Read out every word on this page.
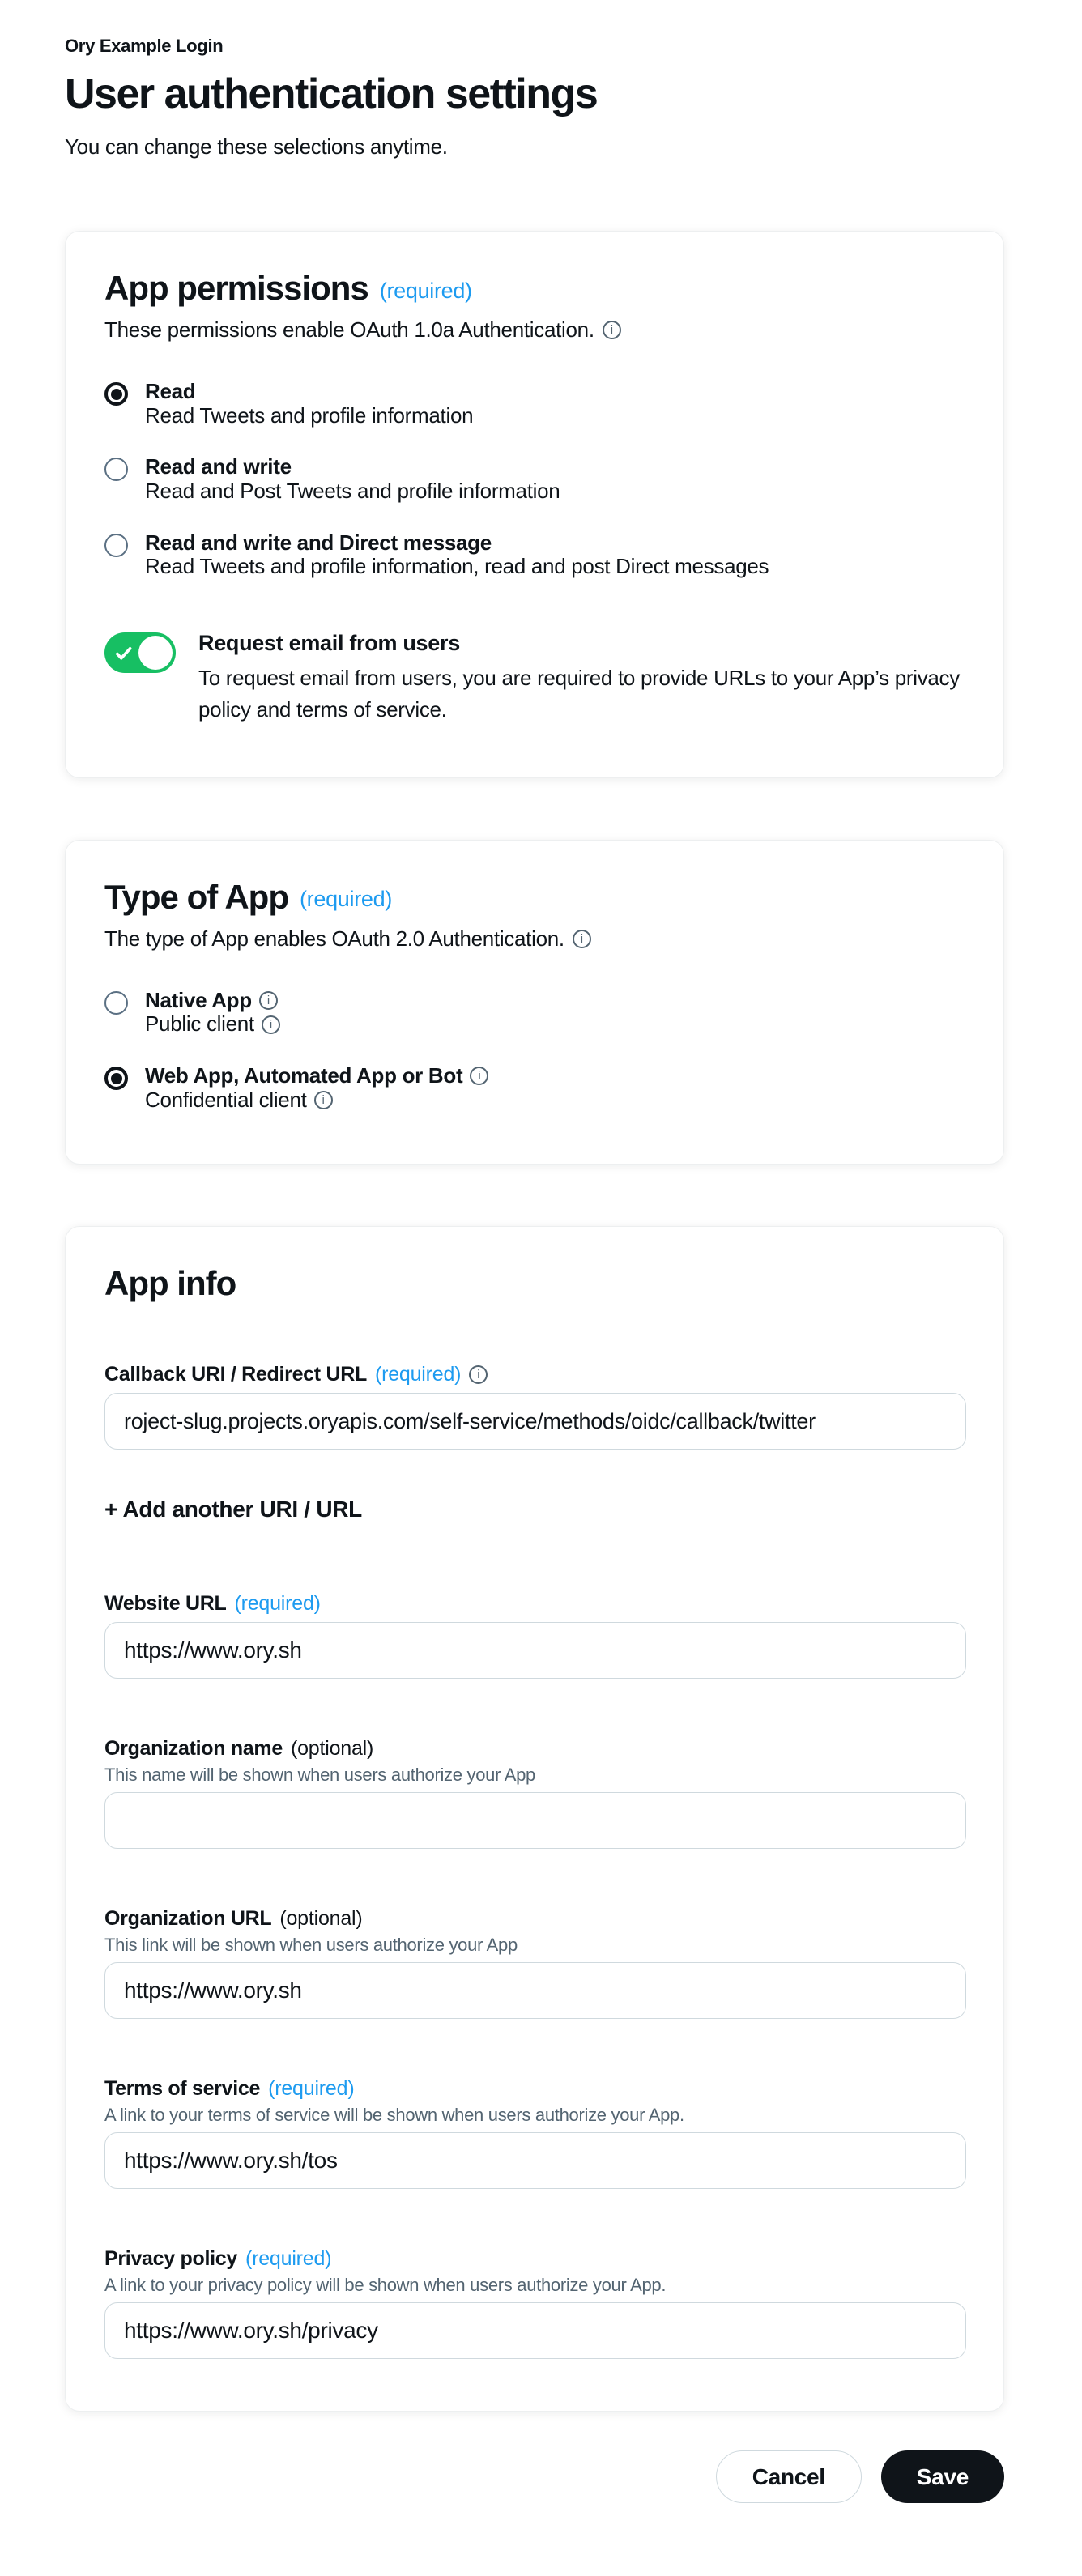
Ory Example Login
User authentication settings

You can change these selections anytime.

App permissions (required)

These permissions enable OAuth 1.0a Authentication.	i

Read
Read Tweets and profile information
Read and write
Read and Post Tweets and profile information
Read and write and Direct message
Read Tweets and profile information, read and post Direct messages
Request email from users
To request email from users, you are required to provide URLs to your App’s privacy policy and terms of service.
Type of App (required)

The type of App enables OAuth 2.0 Authentication.	i

Native App	i
Public client	i
Web App, Automated App or Bot	i
Confidential client	i
App info
Callback URI / Redirect URL (required)	i
roject-slug.projects.oryapis.com/self-service/methods/oidc/callback/twitter + Add another URI / URL
Website URL (required)
https://www.ory.sh
Organization name (optional)
This name will be shown when users authorize your App
Organization URL (optional)
This link will be shown when users authorize your App
https://www.ory.sh
Terms of service (required)
A link to your terms of service will be shown when users authorize your App.
https://www.ory.sh/tos
Privacy policy (required)
A link to your privacy policy will be shown when users authorize your App.
https://www.ory.sh/privacy
Cancel	Save
